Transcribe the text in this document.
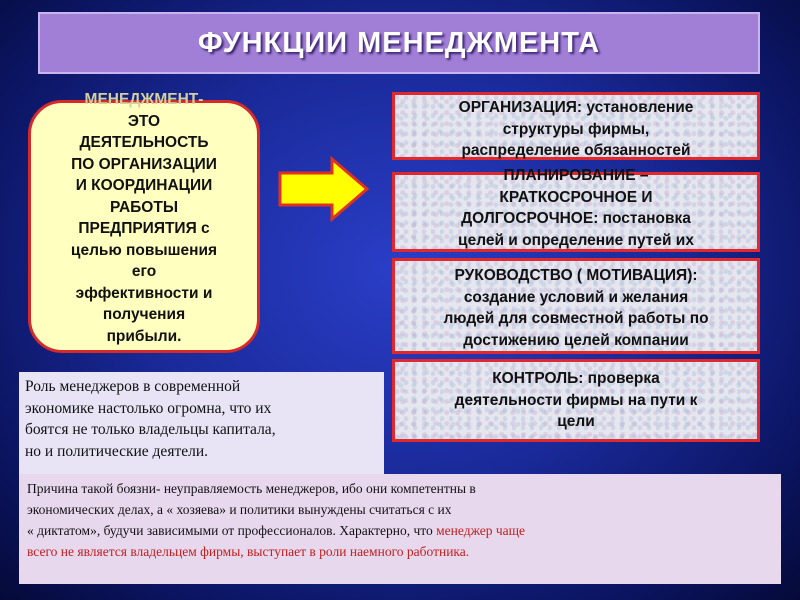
ФУНКЦИИ МЕНЕДЖМЕНТА
МЕНЕДЖМЕНТ-
ЭТО
ДЕЯТЕЛЬНОСТЬ
ПО ОРГАНИЗАЦИИ
И КООРДИНАЦИИ
РАБОТЫ
ПРЕДПРИЯТИЯ с
целью повышения
его
эффективности и
получения
прибыли.
ОРГАНИЗАЦИЯ: установление
структуры фирмы,
распределение обязанностей
ПЛАНИРОВАНИЕ –
КРАТКОСРОЧНОЕ И
ДОЛГОСРОЧНОЕ: постановка
целей и определение путей их
РУКОВОДСТВО ( МОТИВАЦИЯ):
создание условий и желания
людей для совместной работы по
достижению целей компании
КОНТРОЛЬ: проверка
деятельности фирмы на пути к
цели
Роль менеджеров в современной
экономике настолько огромна, что их
боятся не только владельцы капитала,
но и политические деятели.
Причина такой боязни- неуправляемость менеджеров, ибо они компетентны в
экономических делах, а « хозяева» и политики вынуждены считаться с их
« диктатом», будучи зависимыми от профессионалов. Характерно, что менеджер чаще
всего не является владельцем фирмы, выступает в роли наемного работника.
